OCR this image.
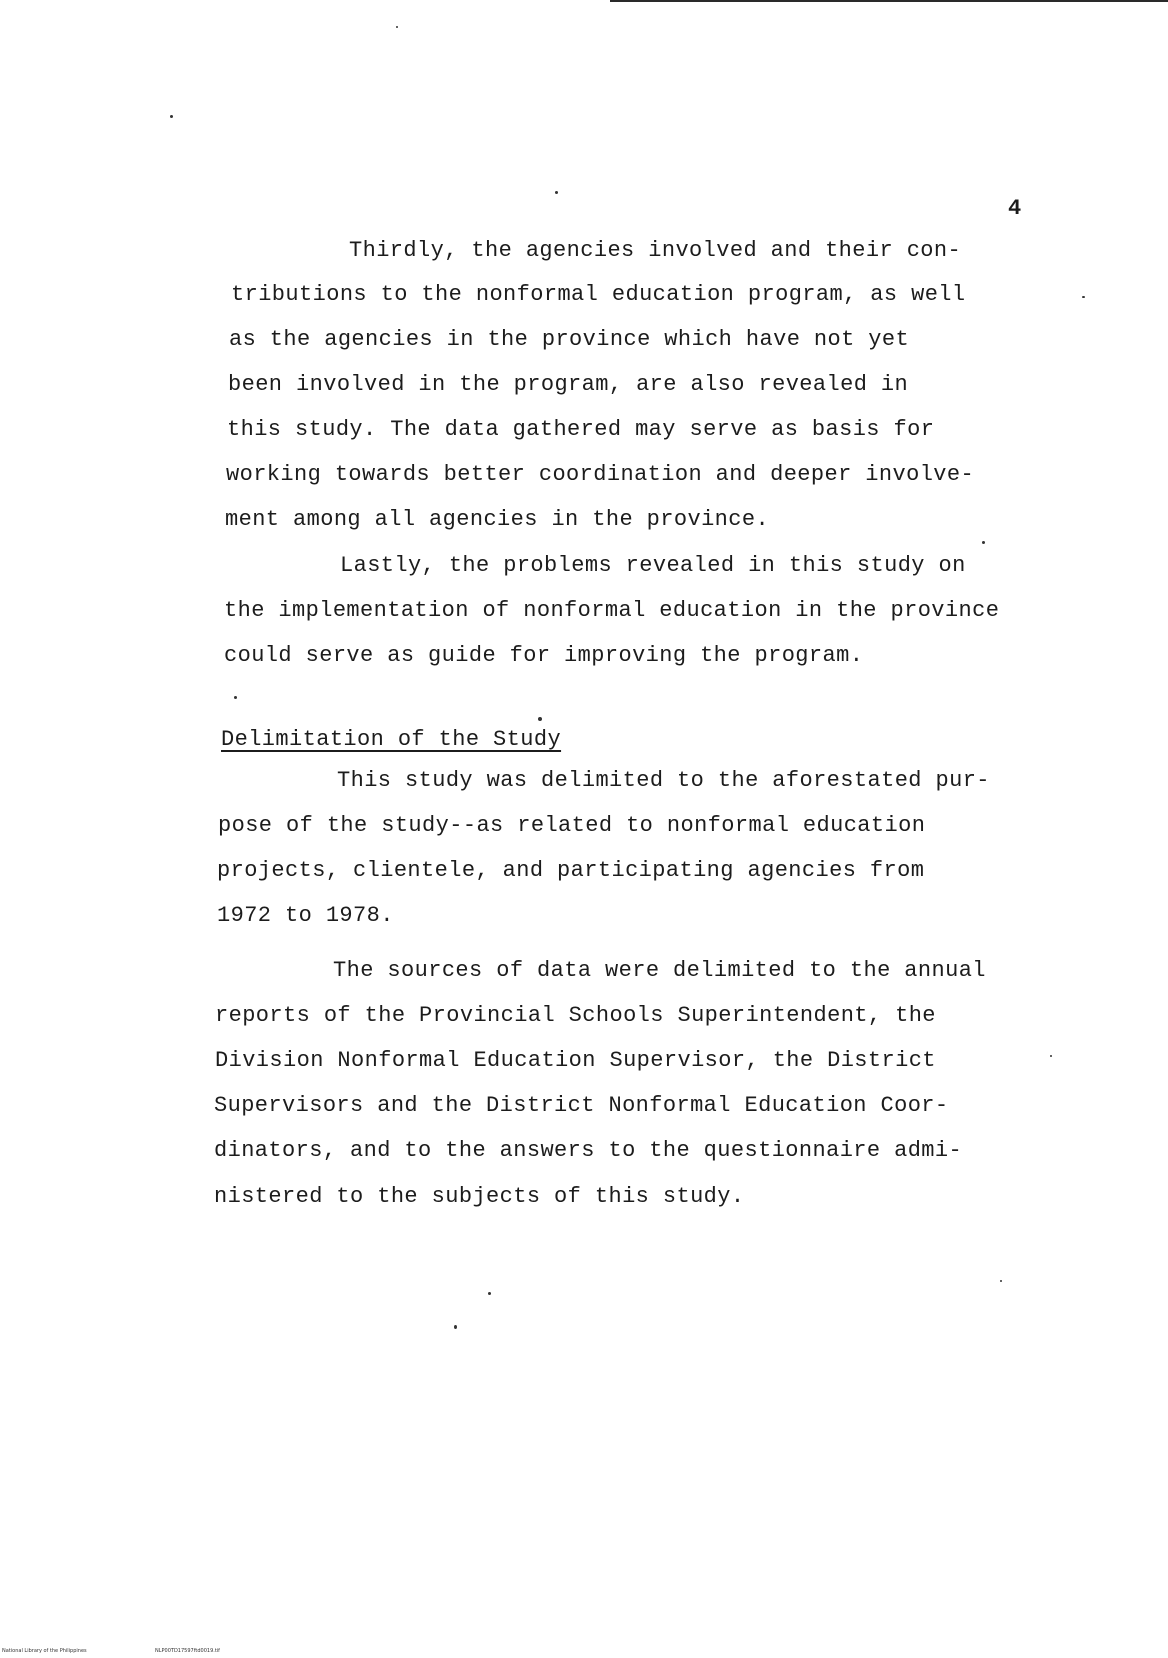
4
Thirdly, the agencies involved and their con-
tributions to the nonformal education program, as well
as the agencies in the province which have not yet
been involved in the program, are also revealed in
this study. The data gathered may serve as basis for
working towards better coordination and deeper involve-
ment among all agencies in the province.
Lastly, the problems revealed in this study on
the implementation of nonformal education in the province
could serve as guide for improving the program.
Delimitation of the Study
This study was delimited to the aforestated pur-
pose of the study--as related to nonformal education
projects, clientele, and participating agencies from
1972 to 1978.
The sources of data were delimited to the annual
reports of the Provincial Schools Superintendent, the
Division Nonformal Education Supervisor, the District
Supervisors and the District Nonformal Education Coor-
dinators, and to the answers to the questionnaire admi-
nistered to the subjects of this study.
National Library of the Philippines	NLP00TD17597ftd0019.tif
